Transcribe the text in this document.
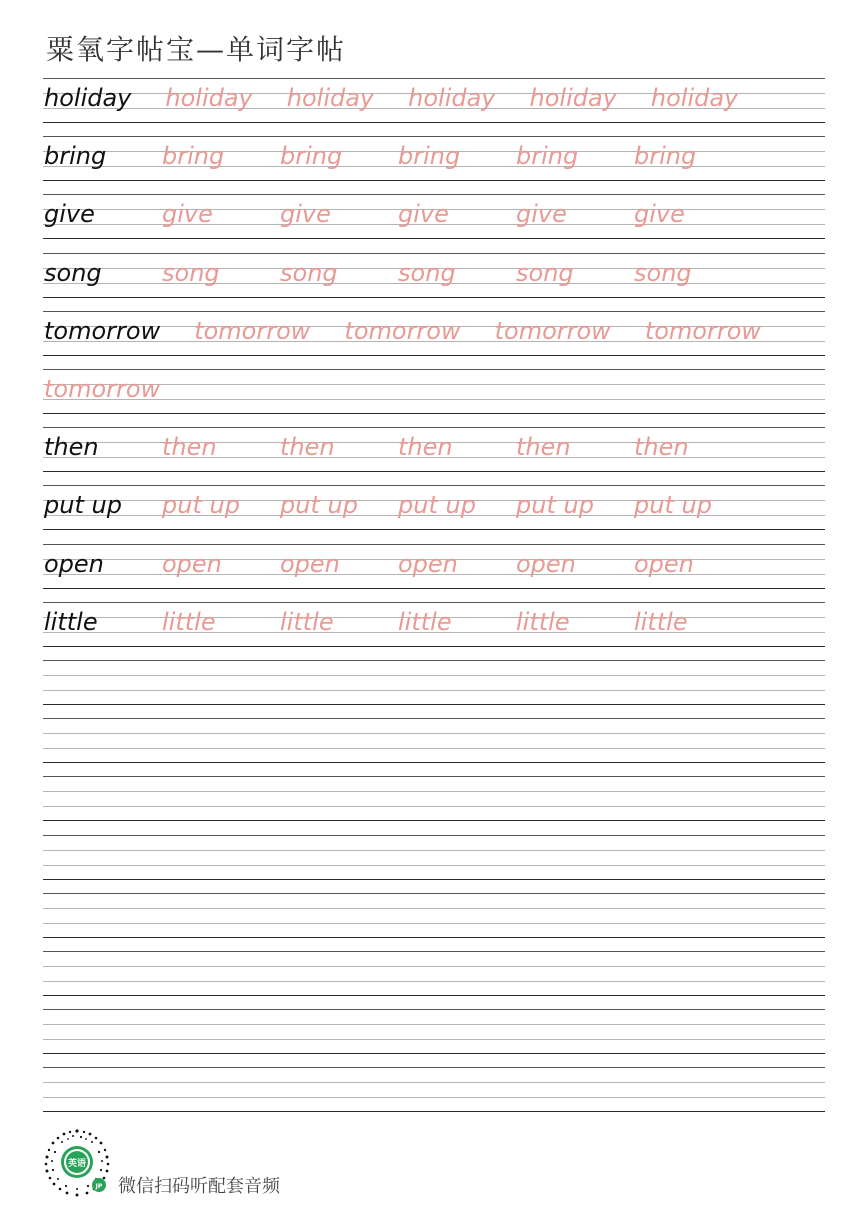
粟氧字帖宝—单词字帖
holiday holiday holiday holiday holiday holiday
bring bring bring bring bring bring
give	give	give	give	give	give
song	song	song	song	song	song
tomorrow tomorrow tomorrow tomorrow tomorrow
tomorrow
then	then	then	then	then	then
put up put up put up put up put up put up
open open open open open open
little	little	little	little	little	little
英语
JP 微信扫码听配套音频
